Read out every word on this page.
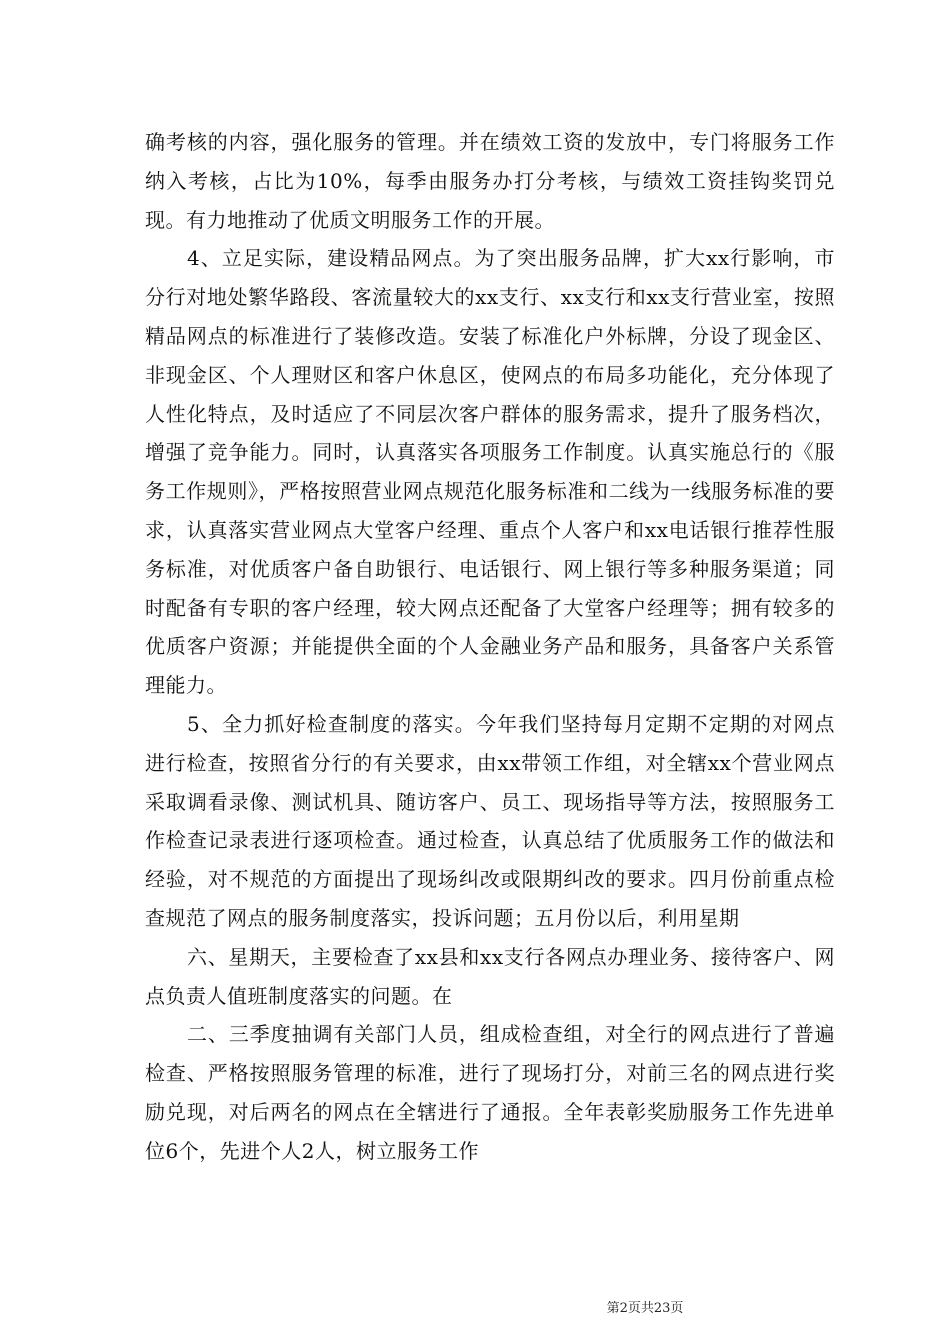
确考核的内容，强化服务的管理。并在绩效工资的发放中，专门将服务工作纳入考核，占比为10%，每季由服务办打分考核，与绩效工资挂钩奖罚兑现。有力地推动了优质文明服务工作的开展。

4、立足实际，建设精品网点。为了突出服务品牌，扩大xx行影响，市分行对地处繁华路段、客流量较大的xx支行、xx支行和xx支行营业室，按照精品网点的标准进行了装修改造。安装了标准化户外标牌，分设了现金区、非现金区、个人理财区和客户休息区，使网点的布局多功能化，充分体现了人性化特点，及时适应了不同层次客户群体的服务需求，提升了服务档次，增强了竞争能力。同时，认真落实各项服务工作制度。认真实施总行的《服务工作规则》，严格按照营业网点规范化服务标准和二线为一线服务标准的要求，认真落实营业网点大堂客户经理、重点个人客户和xx电话银行推荐性服务标准，对优质客户备自助银行、电话银行、网上银行等多种服务渠道；同时配备有专职的客户经理，较大网点还配备了大堂客户经理等；拥有较多的优质客户资源；并能提供全面的个人金融业务产品和服务，具备客户关系管理能力。

5、全力抓好检查制度的落实。今年我们坚持每月定期不定期的对网点进行检查，按照省分行的有关要求，由xx带领工作组，对全辖xx个营业网点采取调看录像、测试机具、随访客户、员工、现场指导等方法，按照服务工作检查记录表进行逐项检查。通过检查，认真总结了优质服务工作的做法和经验，对不规范的方面提出了现场纠改或限期纠改的要求。四月份前重点检查规范了网点的服务制度落实，投诉问题；五月份以后，利用星期

六、星期天，主要检查了xx县和xx支行各网点办理业务、接待客户、网点负责人值班制度落实的问题。在

二、三季度抽调有关部门人员，组成检查组，对全行的网点进行了普遍检查、严格按照服务管理的标准，进行了现场打分，对前三名的网点进行奖励兑现，对后两名的网点在全辖进行了通报。全年表彰奖励服务工作先进单位6个，先进个人2人，树立服务工作

第2页共23页
